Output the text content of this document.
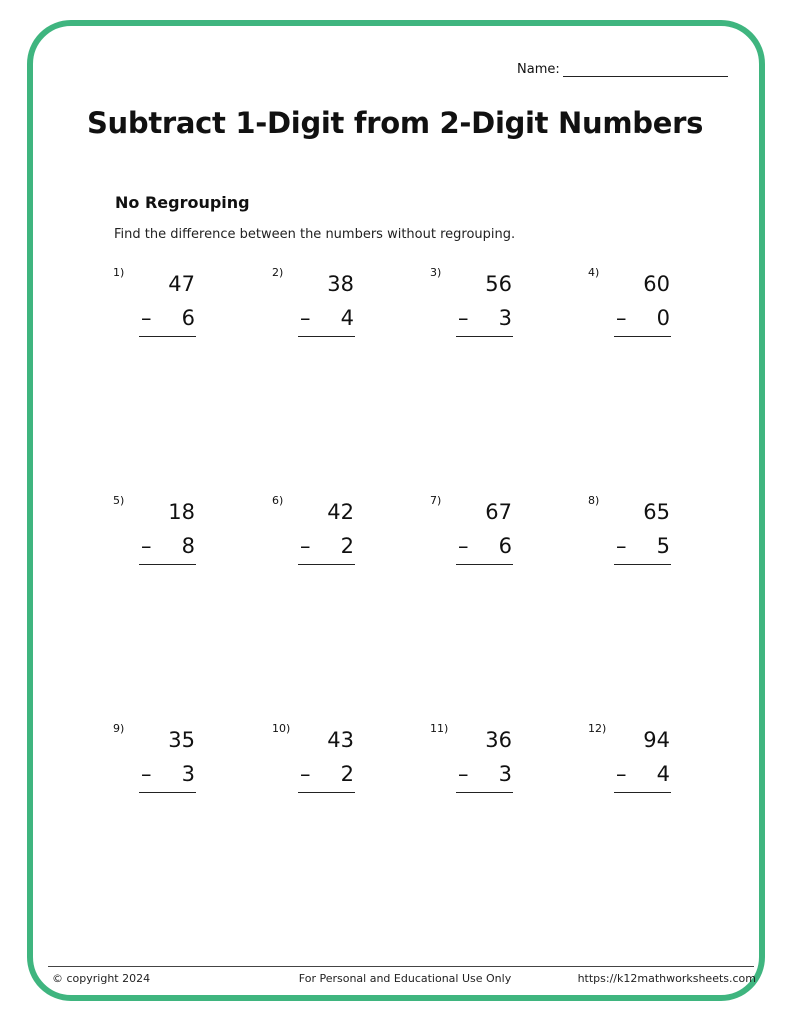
Name:
Subtract 1-Digit from 2-Digit Numbers
No Regrouping
Find the difference between the numbers without regrouping.
1)	47
–	6
2)	38
–	4
3)	56
–	3
4)	60
–	0
5)	18
–	8
6)	42
–	2
7)	67
–	6
8)	65
–	5
9)	35
–	3
10)	43
–	2
11)	36
–	3
12)	94
–	4
© copyright 2024	For Personal and Educational Use Only	https://k12mathworksheets.com
